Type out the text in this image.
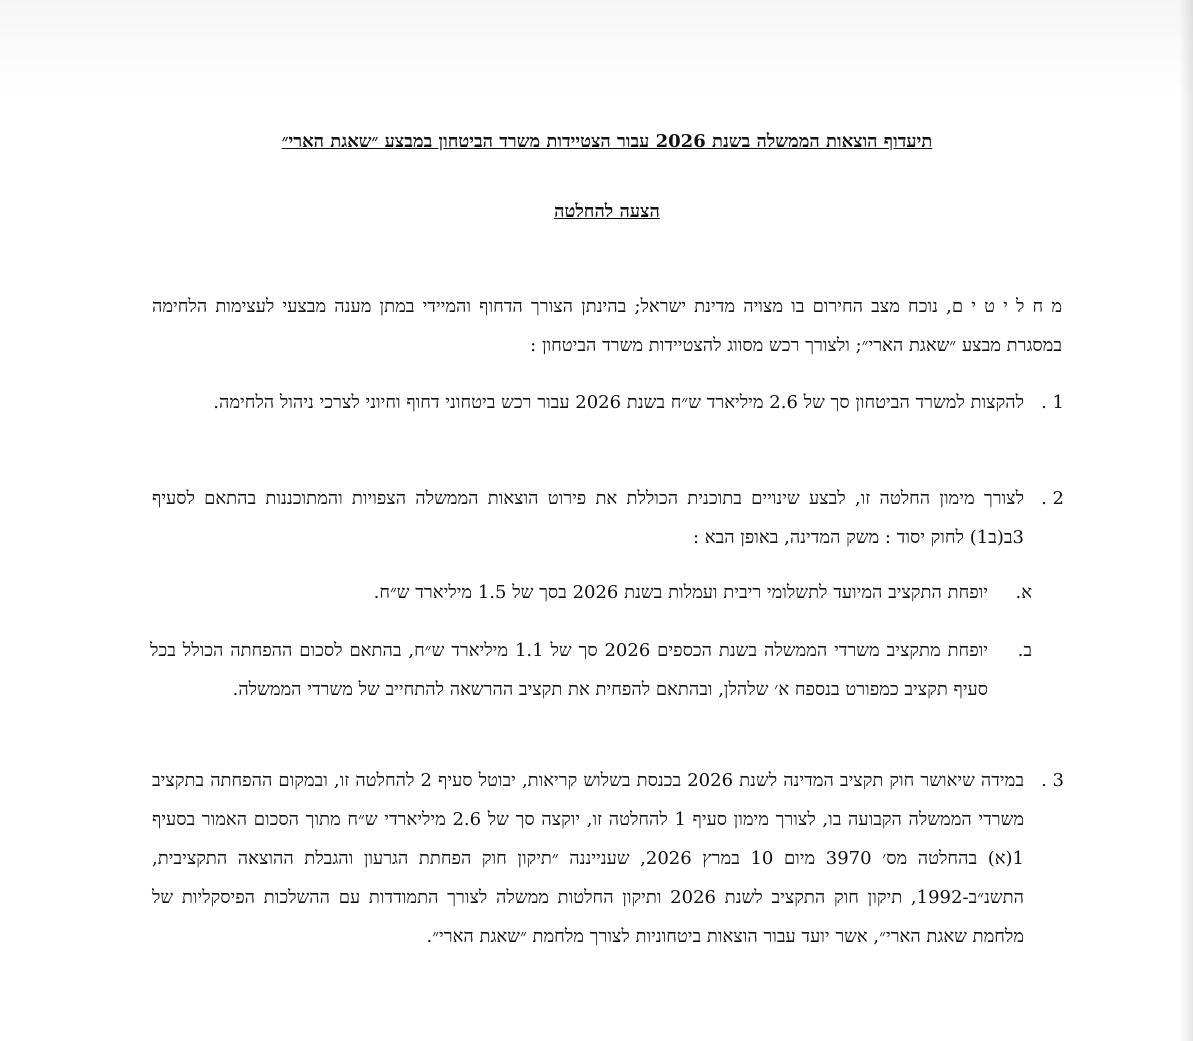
תיעדוף הוצאות הממשלה בשנת 2026 עבור הצטיידות משרד הביטחון במבצע ״שאגת הארי״
הצעה להחלטה
מ ח ל י ט י ם, נוכח מצב החירום בו מצויה מדינת ישראל; בהינתן הצורך הדחוף והמיידי במתן מענה מבצעי לעצימות הלחימה במסגרת מבצע ״שאגת הארי״; ולצורך רכש מסווג להצטיידות משרד הביטחון :
1 .
להקצות למשרד הביטחון סך של 2.6 מיליארד ש״ח בשנת 2026 עבור רכש ביטחוני דחוף וחיוני לצרכי ניהול הלחימה.
2 .
לצורך מימון החלטה זו, לבצע שינויים בתוכנית הכוללת את פירוט הוצאות הממשלה הצפויות והמתוכננות בהתאם לסעיף 3ב(ב1) לחוק יסוד : משק המדינה, באופן הבא :
א.
יופחת התקציב המיועד לתשלומי ריבית ועמלות בשנת 2026 בסך של 1.5 מיליארד ש״ח.
ב.
יופחת מתקציב משרדי הממשלה בשנת הכספים 2026 סך של 1.1 מיליארד ש״ח, בהתאם לסכום ההפחתה הכולל בכל סעיף תקציב כמפורט בנספח א׳ שלהלן, ובהתאם להפחית את תקציב ההרשאה להתחייב של משרדי הממשלה.
3 .
במידה שיאושר חוק תקציב המדינה לשנת 2026 בכנסת בשלוש קריאות, יבוטל סעיף 2 להחלטה זו, ובמקום ההפחתה בתקציב משרדי הממשלה הקבועה בו, לצורך מימון סעיף 1 להחלטה זו, יוקצה סך של 2.6 מיליארדי ש״ח מתוך הסכום האמור בסעיף 1(א) בהחלטה מס׳ 3970 מיום 10 במרץ 2026, שענייננה ״תיקון חוק הפחתת הגרעון והגבלת ההוצאה התקציבית, התשנ״ב-1992, תיקון חוק התקציב לשנת 2026 ותיקון החלטות ממשלה לצורך התמודדות עם ההשלכות הפיסקליות של מלחמת שאגת הארי״, אשר יועד עבור הוצאות ביטחוניות לצורך מלחמת ״שאגת הארי״.
